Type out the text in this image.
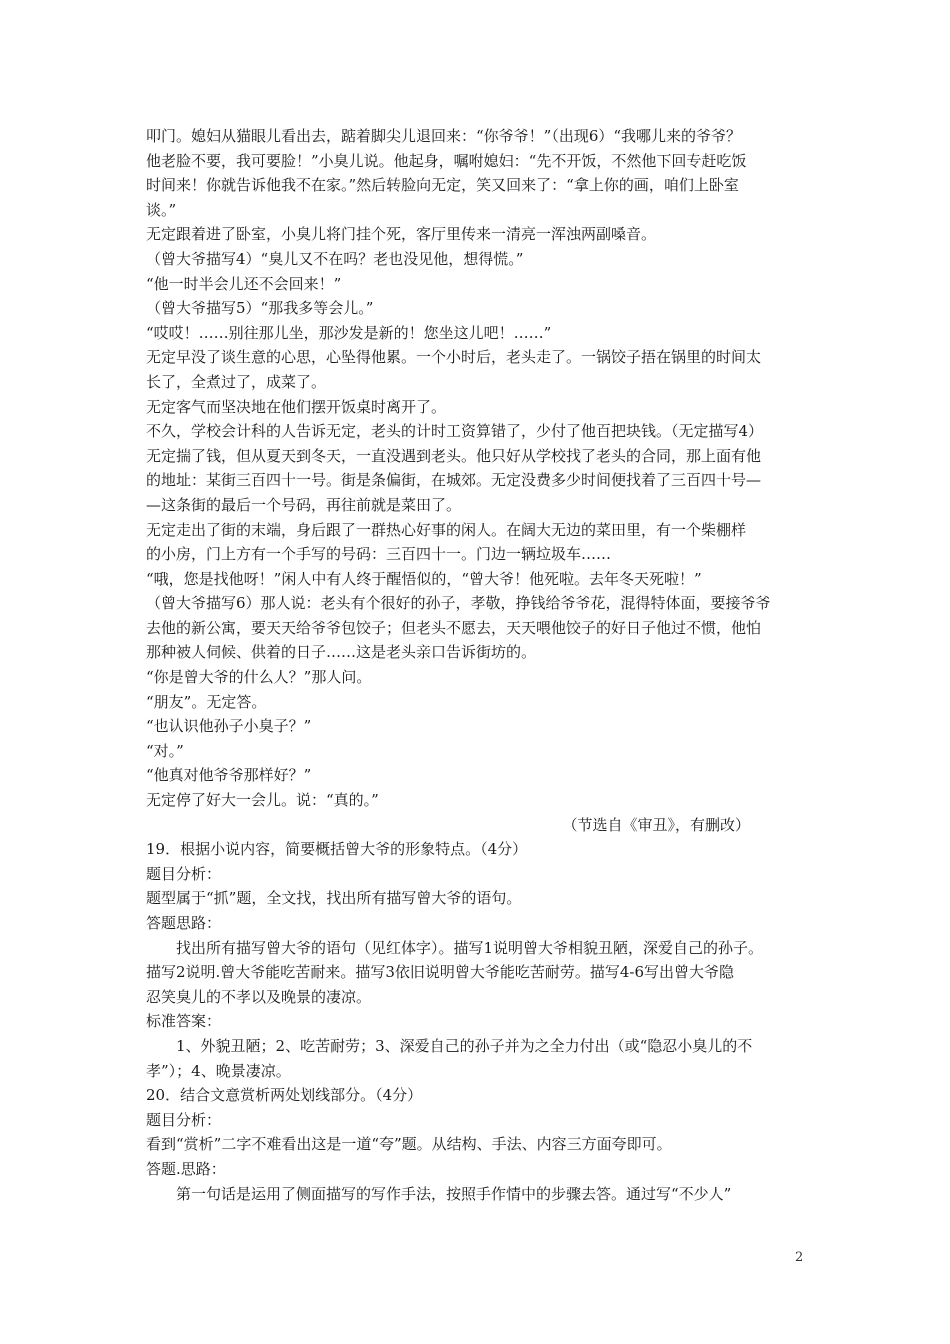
叩门。媳妇从猫眼儿看出去，踮着脚尖儿退回来：“你爷爷！”（出现6）“我哪儿来的爷爷？
他老脸不要，我可要脸！”小臭儿说。他起身，嘱咐媳妇：“先不开饭，不然他下回专赶吃饭
时间来！你就告诉他我不在家。”然后转脸向无定，笑又回来了：“拿上你的画，咱们上卧室
谈。”
无定跟着进了卧室，小臭儿将门挂个死，客厅里传来一清亮一浑浊两副嗓音。
（曾大爷描写4）“臭儿又不在吗？老也没见他，想得慌。”
“他一时半会儿还不会回来！”
（曾大爷描写5）“那我多等会儿。”
“哎哎！……别往那儿坐，那沙发是新的！您坐这儿吧！……”
无定早没了谈生意的心思，心坠得他累。一个小时后，老头走了。一锅饺子捂在锅里的时间太
长了，全煮过了，成菜了。
无定客气而坚决地在他们摆开饭桌时离开了。
不久，学校会计科的人告诉无定，老头的计时工资算错了，少付了他百把块钱。（无定描写4）
无定揣了钱，但从夏天到冬天，一直没遇到老头。他只好从学校找了老头的合同，那上面有他
的地址：某街三百四十一号。街是条偏街，在城郊。无定没费多少时间便找着了三百四十号—
—这条街的最后一个号码，再往前就是菜田了。
无定走出了街的末端，身后跟了一群热心好事的闲人。在阔大无边的菜田里，有一个柴棚样
的小房，门上方有一个手写的号码：三百四十一。门边一辆垃圾车……
“哦，您是找他呀！”闲人中有人终于醒悟似的，“曾大爷！他死啦。去年冬天死啦！”
（曾大爷描写6）那人说：老头有个很好的孙子，孝敬，挣钱给爷爷花，混得特体面，要接爷爷
去他的新公寓，要天天给爷爷包饺子；但老头不愿去，天天喂他饺子的好日子他过不惯，他怕
那种被人伺候、供着的日子……这是老头亲口告诉街坊的。
“你是曾大爷的什么人？”那人问。
“朋友”。无定答。
“也认识他孙子小臭子？”
“对。”
“他真对他爷爷那样好？”
无定停了好大一会儿。说：“真的。”
（节选自《审丑》，有删改）
19．根据小说内容，简要概括曾大爷的形象特点。（4分）
题目分析：
题型属于“抓”题，全文找，找出所有描写曾大爷的语句。
答题思路：
找出所有描写曾大爷的语句（见红体字）。描写1说明曾大爷相貌丑陋，深爱自己的孙子。
描写2说明.曾大爷能吃苦耐来。描写3依旧说明曾大爷能吃苦耐劳。描写4-6写出曾大爷隐
忍笑臭儿的不孝以及晚景的凄凉。
标准答案：
1、外貌丑陋；2、吃苦耐劳；3、深爱自己的孙子并为之全力付出（或“隐忍小臭儿的不
孝”）；4、晚景凄凉。
20．结合文意赏析两处划线部分。（4分）
题目分析：
看到“赏析”二字不难看出这是一道“夸”题。从结构、手法、内容三方面夸即可。
答题.思路：
第一句话是运用了侧面描写的写作手法，按照手作情中的步骤去答。通过写“不少人”
2
